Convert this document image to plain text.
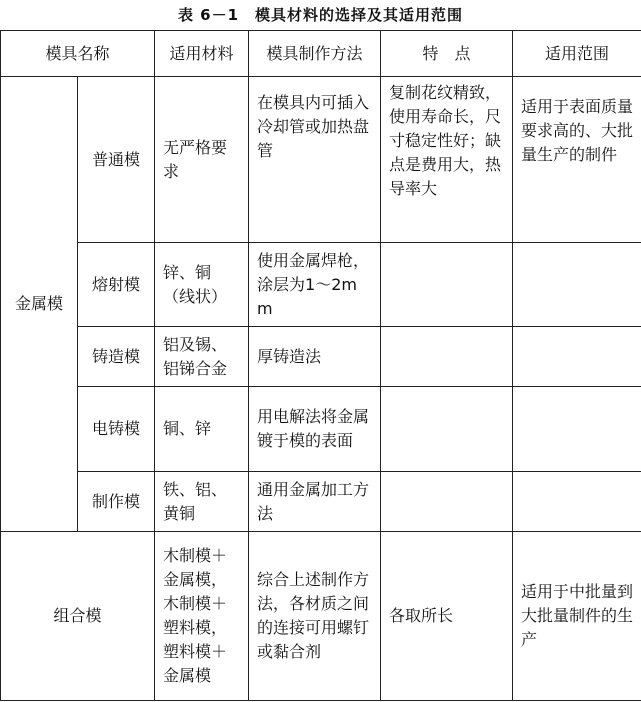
表 6－1　模具材料的选择及其适用范围
模具名称		适用材料	模具制作方法	特　点	适用范围
金属模	普通模	无严格要求	在模具内可插入冷却管或加热盘管	复制花纹精致，使用寿命长，尺寸稳定性好；缺点是费用大，热导率大	适用于表面质量要求高的、大批量生产的制件
	熔射模	锌、铜（线状）	使用金属焊枪，涂层为1～2mm		
	铸造模	铝及锡、铝锑合金	厚铸造法		
	电铸模	铜、锌	用电解法将金属镀于模的表面		
	制作模	铁、铝、黄铜	通用金属加工方法		
组合模		木制模＋金属模，木制模＋塑料模，塑料模＋金属模	综合上述制作方法，各材质之间的连接可用螺钉或黏合剂	各取所长	适用于中批量到大批量制件的生产
